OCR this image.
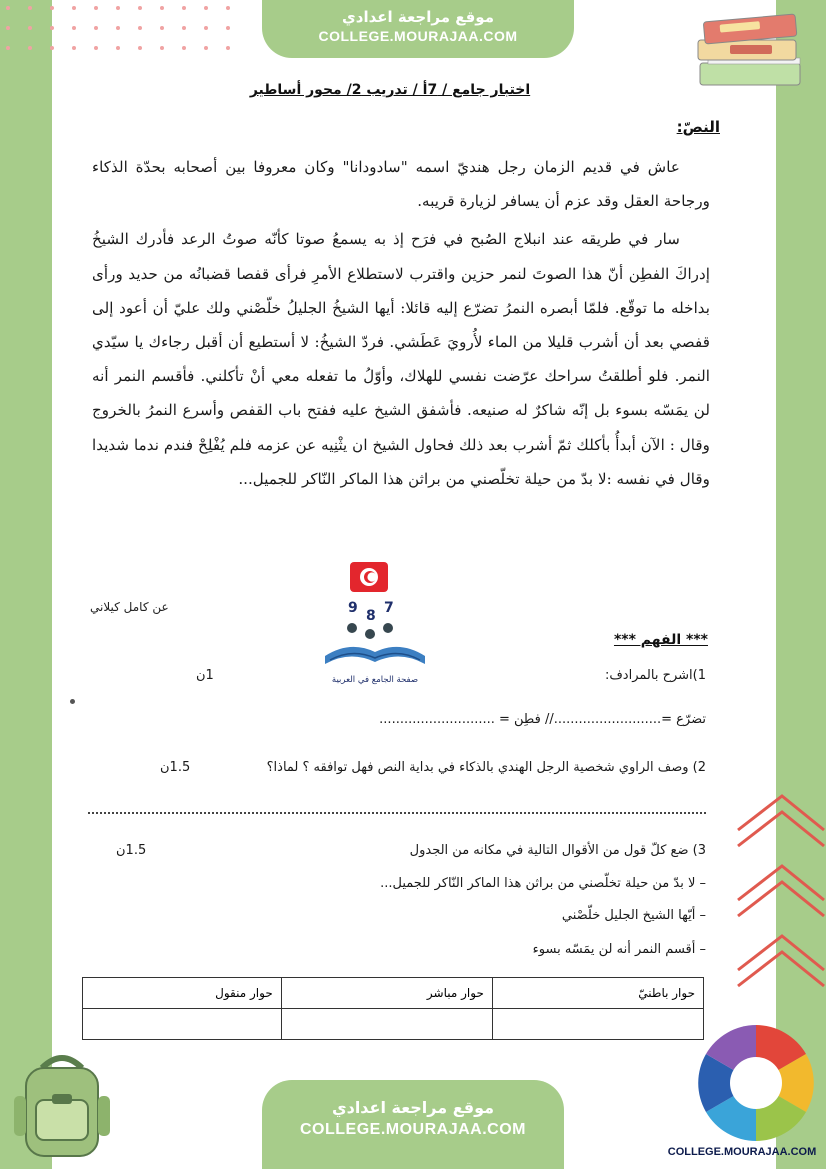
موقع مراجعة اعدادي
COLLEGE.MOURAJAA.COM
اختبار جامع / 7أ / تدريب 2/ محور أساطير
النصّ:

عاش في قديم الزمان رجل هنديّ اسمه "سادودانا" وكان معروفا بين أصحابه بحدّة الذكاء ورجاحة العقل وقد عزم أن يسافر لزيارة قريبه.

سار في طريقه عند انبلاج الصُبح في فرَح إذ به يسمعُ صوتا كأنّه صوتُ الرعد فأدرك الشيخُ إدراكَ الفطِن أنّ هذا الصوتَ لنمر حزين واقترب لاستطلاع الأمرِ فرأى قفصا قضبانُه من حديد ورأى بداخله ما توقّع. فلمّا أبصره النمرُ تضرّع إليه قائلا: أيها الشيخُ الجليلُ خلّصْني ولك عليّ أن أعود إلى قفصي بعد أن أشرب قليلا من الماء لأُرويَ عَطَشي. فردّ الشيخُ: لا أستطيع أن أقبل رجاءك يا سيّدي النمر. فلو أطلقتُ سراحك عرّضت نفسي للهلاك، وأوّلُ ما تفعله معي أنْ تأكلني. فأقسم النمر أنه لن يمَسّه بسوء بل إنّه شاكرٌ له صنيعه. فأشفق الشيخ عليه ففتح باب القفص وأسرع النمرُ بالخروج وقال : الآن أبدأُ بأكلك ثمّ أشرب بعد ذلك فحاول الشيخ ان يثْنِيه عن عزمه فلم يُفْلِحْ فندم ندما شديدا وقال في نفسه :لا بدّ من حيلة تخلّصني من براثن هذا الماكر النّاكر للجميل...

عن كامل كيلاني	9 8 7
صفحة الجامع في العربية
*** الفهم ***
1)اشرح بالمرادف:
1ن
تضرّع =..........................// فطِن = ............................
2) وصف الراوي شخصية الرجل الهندي بالذكاء في بداية النص فهل توافقه ؟ لماذا؟
1.5ن
3) ضع كلّ قول من الأقوال التالية في مكانه من الجدول
1.5ن
– لا بدّ من حيلة تخلّصني من براثن هذا الماكر النّاكر للجميل...
– أيّها الشيخ الجليل خلّصْني
– أقسم النمر أنه لن يمَسّه بسوء
حوار باطنيّ	حوار مباشر	حوار منقول

موقع مراجعة اعدادي
COLLEGE.MOURAJAA.COM
COLLEGE.MOURAJAA.COM
